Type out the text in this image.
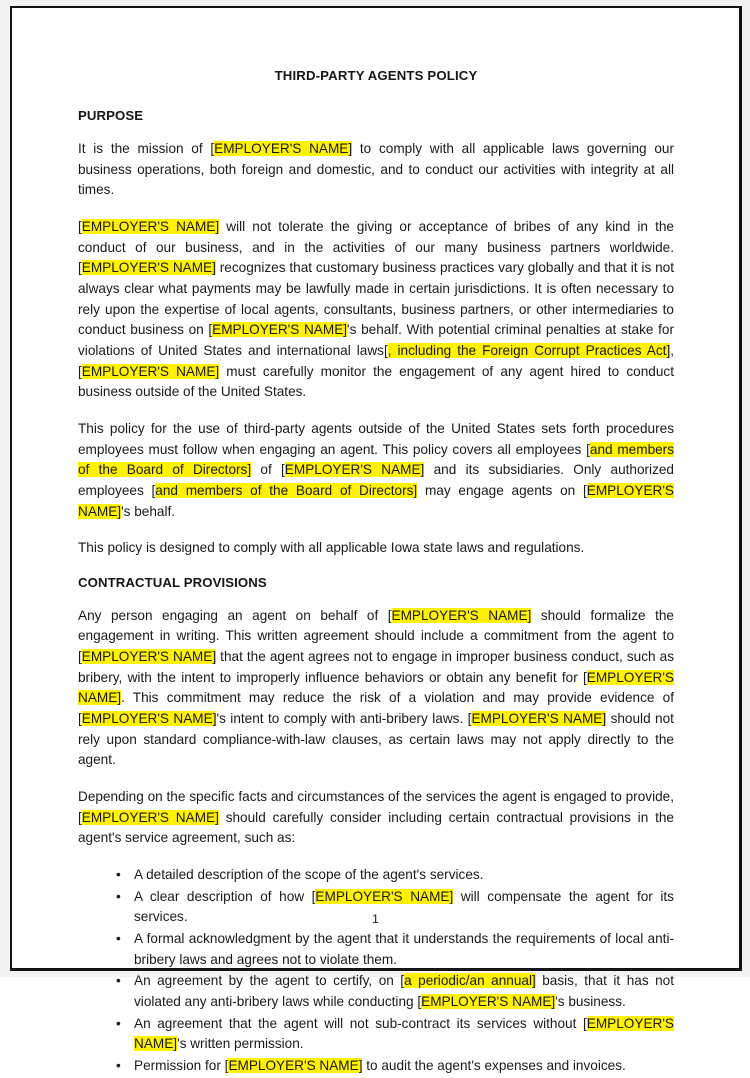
THIRD-PARTY AGENTS POLICY
PURPOSE

It is the mission of [EMPLOYER'S NAME] to comply with all applicable laws governing our business operations, both foreign and domestic, and to conduct our activities with integrity at all times.

[EMPLOYER'S NAME] will not tolerate the giving or acceptance of bribes of any kind in the conduct of our business, and in the activities of our many business partners worldwide. [EMPLOYER'S NAME] recognizes that customary business practices vary globally and that it is not always clear what payments may be lawfully made in certain jurisdictions. It is often necessary to rely upon the expertise of local agents, consultants, business partners, or other intermediaries to conduct business on [EMPLOYER'S NAME]'s behalf. With potential criminal penalties at stake for violations of United States and international laws[, including the Foreign Corrupt Practices Act], [EMPLOYER'S NAME] must carefully monitor the engagement of any agent hired to conduct business outside of the United States.

This policy for the use of third-party agents outside of the United States sets forth procedures employees must follow when engaging an agent. This policy covers all employees [and members of the Board of Directors] of [EMPLOYER'S NAME] and its subsidiaries. Only authorized employees [and members of the Board of Directors] may engage agents on [EMPLOYER'S NAME]'s behalf.

This policy is designed to comply with all applicable Iowa state laws and regulations.

CONTRACTUAL PROVISIONS

Any person engaging an agent on behalf of [EMPLOYER'S NAME] should formalize the engagement in writing. This written agreement should include a commitment from the agent to [EMPLOYER'S NAME] that the agent agrees not to engage in improper business conduct, such as bribery, with the intent to improperly influence behaviors or obtain any benefit for [EMPLOYER'S NAME]. This commitment may reduce the risk of a violation and may provide evidence of [EMPLOYER'S NAME]'s intent to comply with anti-bribery laws. [EMPLOYER'S NAME] should not rely upon standard compliance-with-law clauses, as certain laws may not apply directly to the agent.

Depending on the specific facts and circumstances of the services the agent is engaged to provide, [EMPLOYER'S NAME] should carefully consider including certain contractual provisions in the agent's service agreement, such as:

• A detailed description of the scope of the agent's services.
• A clear description of how [EMPLOYER'S NAME] will compensate the agent for its services.
• A formal acknowledgment by the agent that it understands the requirements of local anti-bribery laws and agrees not to violate them.
• An agreement by the agent to certify, on [a periodic/an annual] basis, that it has not violated any anti-bribery laws while conducting [EMPLOYER'S NAME]'s business.
• An agreement that the agent will not sub-contract its services without [EMPLOYER'S NAME]'s written permission.
• Permission for [EMPLOYER'S NAME] to audit the agent's expenses and invoices.
1
